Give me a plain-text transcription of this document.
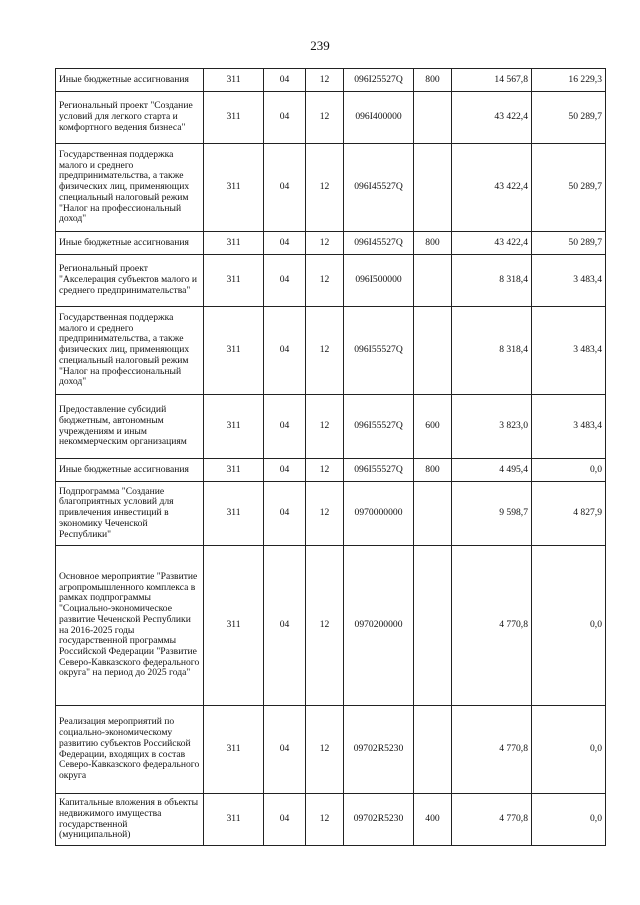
239
Иные бюджетные ассигнования	311	04	12	096I25527Q	800	14 567,8	16 229,3
Региональный проект "Создание условий для легкого старта и комфортного ведения бизнеса"	311	04	12	096I400000		43 422,4	50 289,7
Государственная поддержка малого и среднего предпринимательства, а также физических лиц, применяющих специальный налоговый режим "Налог на профессиональный доход"	311	04	12	096I45527Q		43 422,4	50 289,7
Иные бюджетные ассигнования	311	04	12	096I45527Q	800	43 422,4	50 289,7
Региональный проект "Акселерация субъектов малого и среднего предпринимательства"	311	04	12	096I500000		8 318,4	3 483,4
Государственная поддержка малого и среднего предпринимательства, а также физических лиц, применяющих специальный налоговый режим "Налог на профессиональный доход"	311	04	12	096I55527Q		8 318,4	3 483,4
Предоставление субсидий бюджетным, автономным учреждениям и иным некоммерческим организациям	311	04	12	096I55527Q	600	3 823,0	3 483,4
Иные бюджетные ассигнования	311	04	12	096I55527Q	800	4 495,4	0,0
Подпрограмма "Создание благоприятных условий для привлечения инвестиций в экономику Чеченской Республики"	311	04	12	0970000000		9 598,7	4 827,9
Основное мероприятие "Развитие агропромышленного комплекса в рамках подпрограммы "Социально-экономическое развитие Чеченской Республики на 2016-2025 годы государственной программы Российской Федерации "Развитие Северо-Кавказского федерального округа" на период до 2025 года"	311	04	12	0970200000		4 770,8	0,0
Реализация мероприятий по социально-экономическому развитию субъектов Российской Федерации, входящих в состав Северо-Кавказского федерального округа	311	04	12	09702R5230		4 770,8	0,0
Капитальные вложения в объекты недвижимого имущества государственной (муниципальной)	311	04	12	09702R5230	400	4 770,8	0,0
